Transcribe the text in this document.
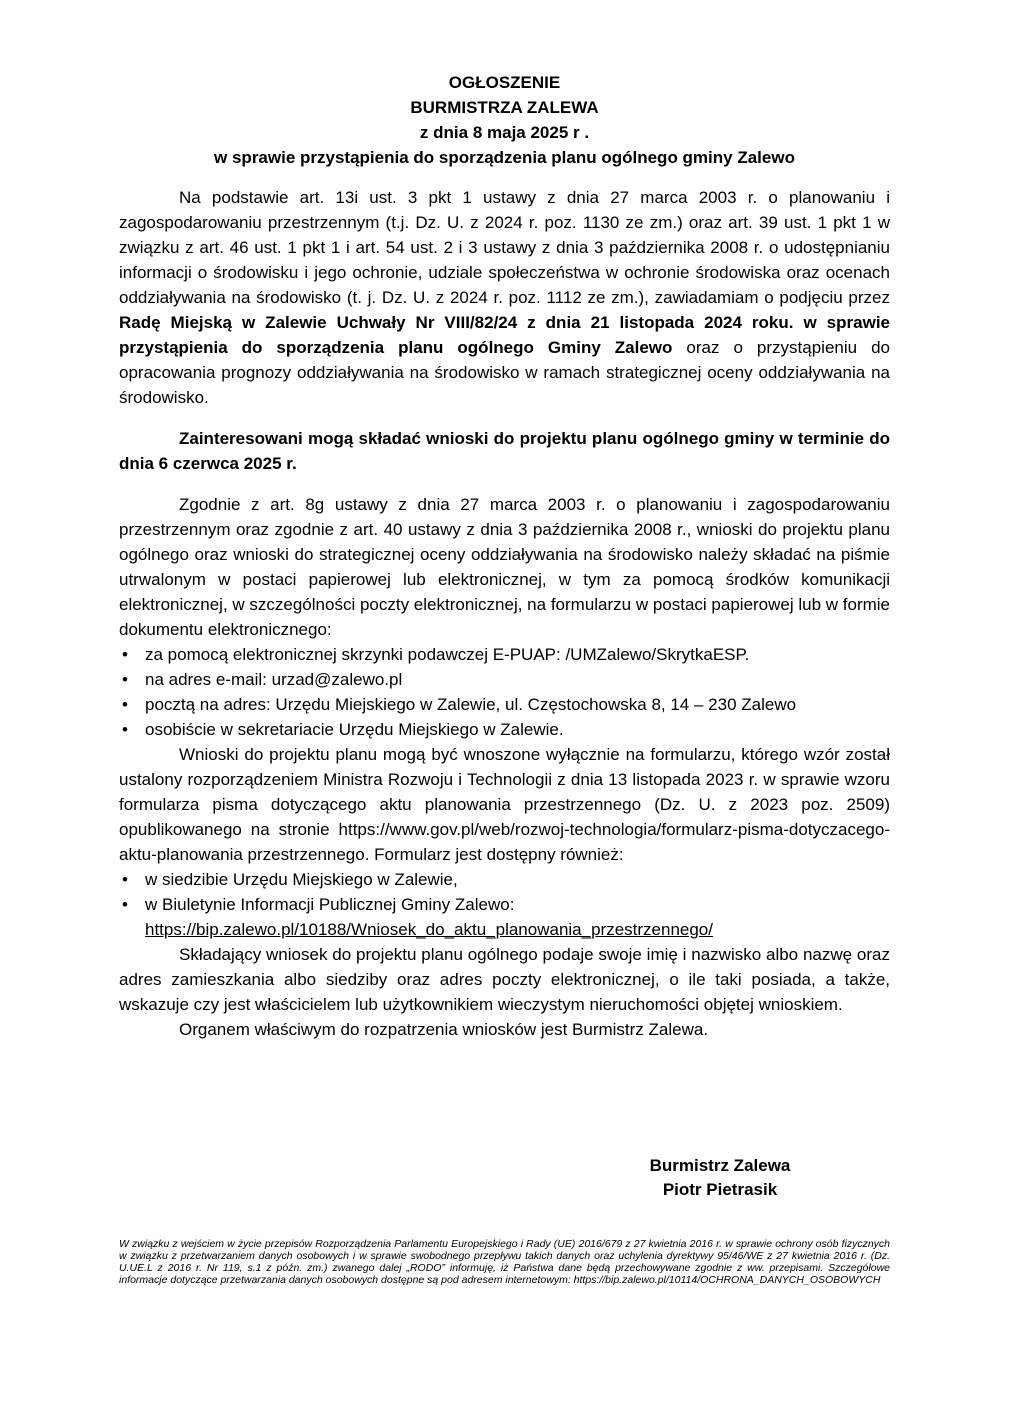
OGŁOSZENIE
BURMISTRZA ZALEWA
z dnia 8 maja 2025 r .
w sprawie przystąpienia do sporządzenia planu ogólnego gminy Zalewo

Na podstawie art. 13i ust. 3 pkt 1 ustawy z dnia 27 marca 2003 r. o planowaniu i zagospodarowaniu przestrzennym (t.j. Dz. U. z 2024 r. poz. 1130 ze zm.) oraz art. 39 ust. 1 pkt 1 w związku z art. 46 ust. 1 pkt 1 i art. 54 ust. 2 i 3 ustawy z dnia 3 października 2008 r. o udostępnianiu informacji o środowisku i jego ochronie, udziale społeczeństwa w ochronie środowiska oraz ocenach oddziaływania na środowisko (t. j. Dz. U. z 2024 r. poz. 1112 ze zm.), zawiadamiam o podjęciu przez Radę Miejską w Zalewie Uchwały Nr VIII/82/24 z dnia 21 listopada 2024 roku. w sprawie przystąpienia do sporządzenia planu ogólnego Gminy Zalewo oraz o przystąpieniu do opracowania prognozy oddziaływania na środowisko w ramach strategicznej oceny oddziaływania na środowisko.

Zainteresowani mogą składać wnioski do projektu planu ogólnego gminy w terminie do dnia 6 czerwca 2025 r.

Zgodnie z art. 8g ustawy z dnia 27 marca 2003 r. o planowaniu i zagospodarowaniu przestrzennym oraz zgodnie z art. 40 ustawy z dnia 3 października 2008 r., wnioski do projektu planu ogólnego oraz wnioski do strategicznej oceny oddziaływania na środowisko należy składać na piśmie utrwalonym w postaci papierowej lub elektronicznej, w tym za pomocą środków komunikacji elektronicznej, w szczególności poczty elektronicznej, na formularzu w postaci papierowej lub w formie dokumentu elektronicznego:

• za pomocą elektronicznej skrzynki podawczej E-PUAP: /UMZalewo/SkrytkaESP.
• na adres e-mail: urzad@zalewo.pl
• pocztą na adres: Urzędu Miejskiego w Zalewie, ul. Częstochowska 8, 14 – 230 Zalewo
• osobiście w sekretariacie Urzędu Miejskiego w Zalewie.

Wnioski do projektu planu mogą być wnoszone wyłącznie na formularzu, którego wzór został ustalony rozporządzeniem Ministra Rozwoju i Technologii z dnia 13 listopada 2023 r. w sprawie wzoru formularza pisma dotyczącego aktu planowania przestrzennego (Dz. U. z 2023 poz. 2509) opublikowanego na stronie https://www.gov.pl/web/rozwoj-technologia/formularz-pisma-dotyczacego-aktu-planowania przestrzennego. Formularz jest dostępny również:

• w siedzibie Urzędu Miejskiego w Zalewie,
• w Biuletynie Informacji Publicznej Gminy Zalewo:
https://bip.zalewo.pl/10188/Wniosek_do_aktu_planowania_przestrzennego/

Składający wniosek do projektu planu ogólnego podaje swoje imię i nazwisko albo nazwę oraz adres zamieszkania albo siedziby oraz adres poczty elektronicznej, o ile taki posiada, a także, wskazuje czy jest właścicielem lub użytkownikiem wieczystym nieruchomości objętej wnioskiem.

Organem właściwym do rozpatrzenia wniosków jest Burmistrz Zalewa.

Burmistrz Zalewa
Piotr Pietrasik
W związku z wejściem w życie przepisów Rozporządzenia Parlamentu Europejskiego i Rady (UE) 2016/679 z 27 kwietnia 2016 r. w sprawie ochrony osób fizycznych w związku z przetwarzaniem danych osobowych i w sprawie swobodnego przepływu takich danych oraz uchylenia dyrektywy 95/46/WE z 27 kwietnia 2016 r. (Dz. U.UE.L z 2016 r. Nr 119, s.1 z późn. zm.) zwanego dalej „RODO” informuję, iż Państwa dane będą przechowywane zgodnie z ww. przepisami. Szczegółowe informacje dotyczące przetwarzania danych osobowych dostępne są pod adresem internetowym: https://bip.zalewo.pl/10114/OCHRONA_DANYCH_OSOBOWYCH
